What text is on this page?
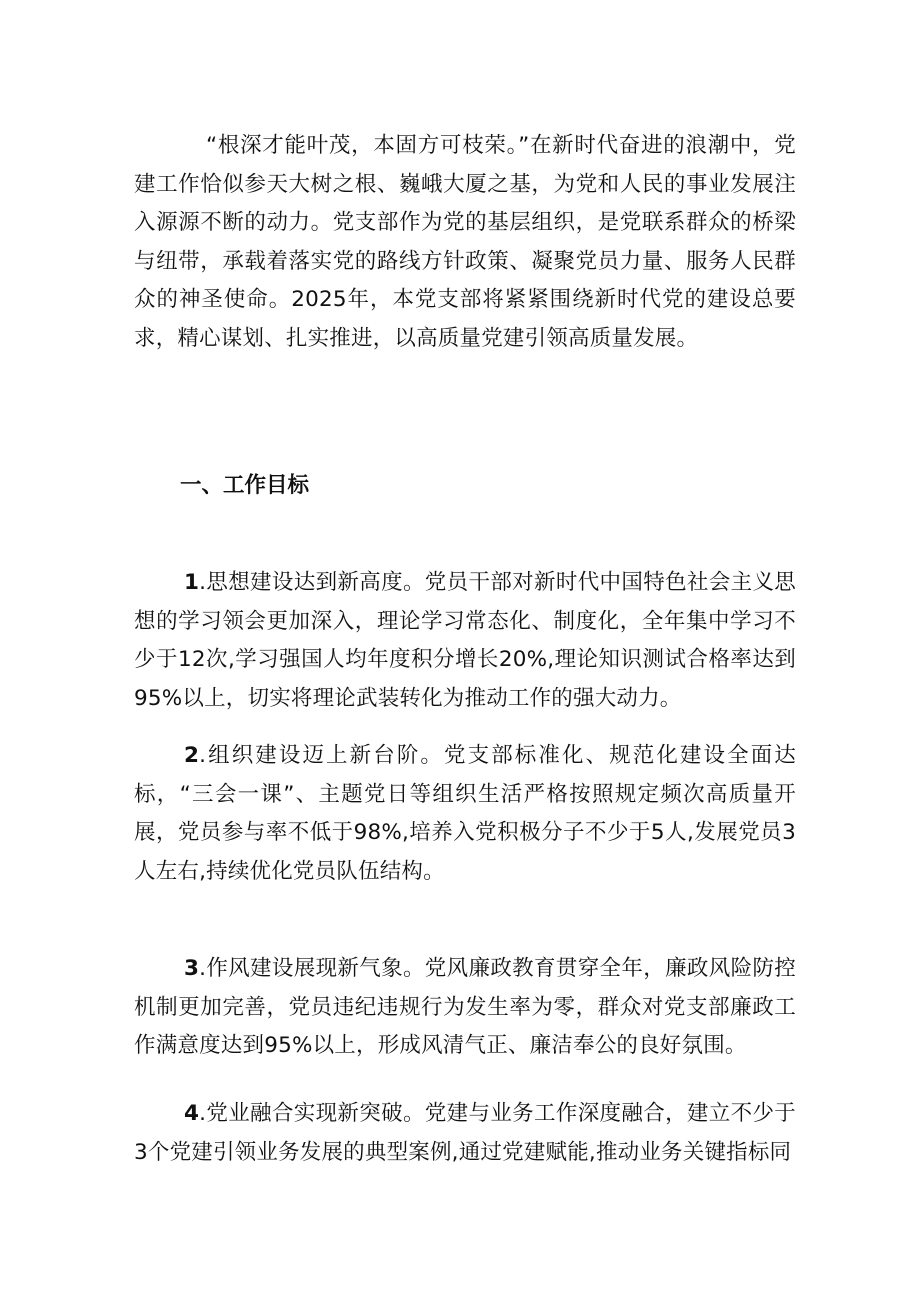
“根深才能叶茂，本固方可枝荣。”在新时代奋进的浪潮中，党建工作恰似参天大树之根、巍峨大厦之基，为党和人民的事业发展注入源源不断的动力。党支部作为党的基层组织，是党联系群众的桥梁与纽带，承载着落实党的路线方针政策、凝聚党员力量、服务人民群众的神圣使命。2025年，本党支部将紧紧围绕新时代党的建设总要求，精心谋划、扎实推进，以高质量党建引领高质量发展。

一、工作目标

1.思想建设达到新高度。党员干部对新时代中国特色社会主义思想的学习领会更加深入，理论学习常态化、制度化，全年集中学习不少于12次,学习强国人均年度积分增长20%,理论知识测试合格率达到95%以上，切实将理论武装转化为推动工作的强大动力。

2.组织建设迈上新台阶。党支部标准化、规范化建设全面达标，“三会一课”、主题党日等组织生活严格按照规定频次高质量开展，党员参与率不低于98%,培养入党积极分子不少于5人,发展党员3人左右,持续优化党员队伍结构。

3.作风建设展现新气象。党风廉政教育贯穿全年，廉政风险防控机制更加完善，党员违纪违规行为发生率为零，群众对党支部廉政工作满意度达到95%以上，形成风清气正、廉洁奉公的良好氛围。

4.党业融合实现新突破。党建与业务工作深度融合，建立不少于3个党建引领业务发展的典型案例,通过党建赋能,推动业务关键指标同
